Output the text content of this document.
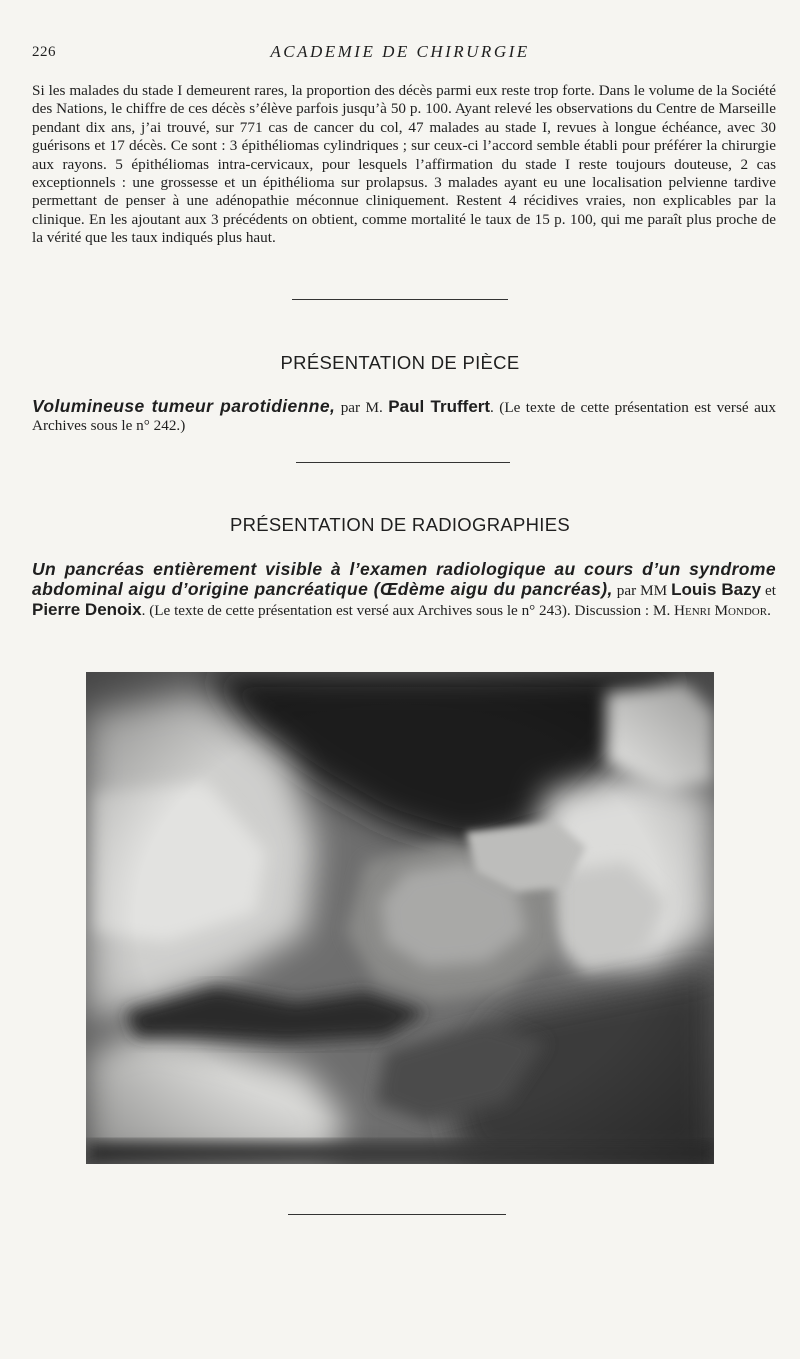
226	ACADEMIE DE CHIRURGIE
Si les malades du stade I demeurent rares, la proportion des décès parmi eux reste trop forte. Dans le volume de la Société des Nations, le chiffre de ces décès s’élève parfois jusqu’à 50 p. 100. Ayant relevé les observations du Centre de Marseille pendant dix ans, j’ai trouvé, sur 771 cas de cancer du col, 47 malades au stade I, revues à longue échéance, avec 30 guérisons et 17 décès. Ce sont : 3 épithéliomas cylindriques ; sur ceux-ci l’accord semble établi pour préférer la chirurgie aux rayons. 5 épithéliomas intra-cervicaux, pour lesquels l’affirmation du stade I reste toujours douteuse, 2 cas exceptionnels : une grossesse et un épithélioma sur prolapsus. 3 malades ayant eu une localisation pelvienne tardive permettant de penser à une adénopathie méconnue cliniquement. Restent 4 récidives vraies, non explicables par la clinique. En les ajoutant aux 3 précédents on obtient, comme mortalité le taux de 15 p. 100, qui me paraît plus proche de la vérité que les taux indiqués plus haut.
PRÉSENTATION DE PIÈCE
Volumineuse tumeur parotidienne, par M. Paul Truffert. (Le texte de cette présentation est versé aux Archives sous le n° 242.)
PRÉSENTATION DE RADIOGRAPHIES
Un pancréas entièrement visible à l’examen radiologique au cours d’un syndrome abdominal aigu d’origine pancréatique (Œdème aigu du pancréas), par MM Louis Bazy et Pierre Denoix. (Le texte de cette présentation est versé aux Archives sous le n° 243). Discussion : M. Henri Mondor.
